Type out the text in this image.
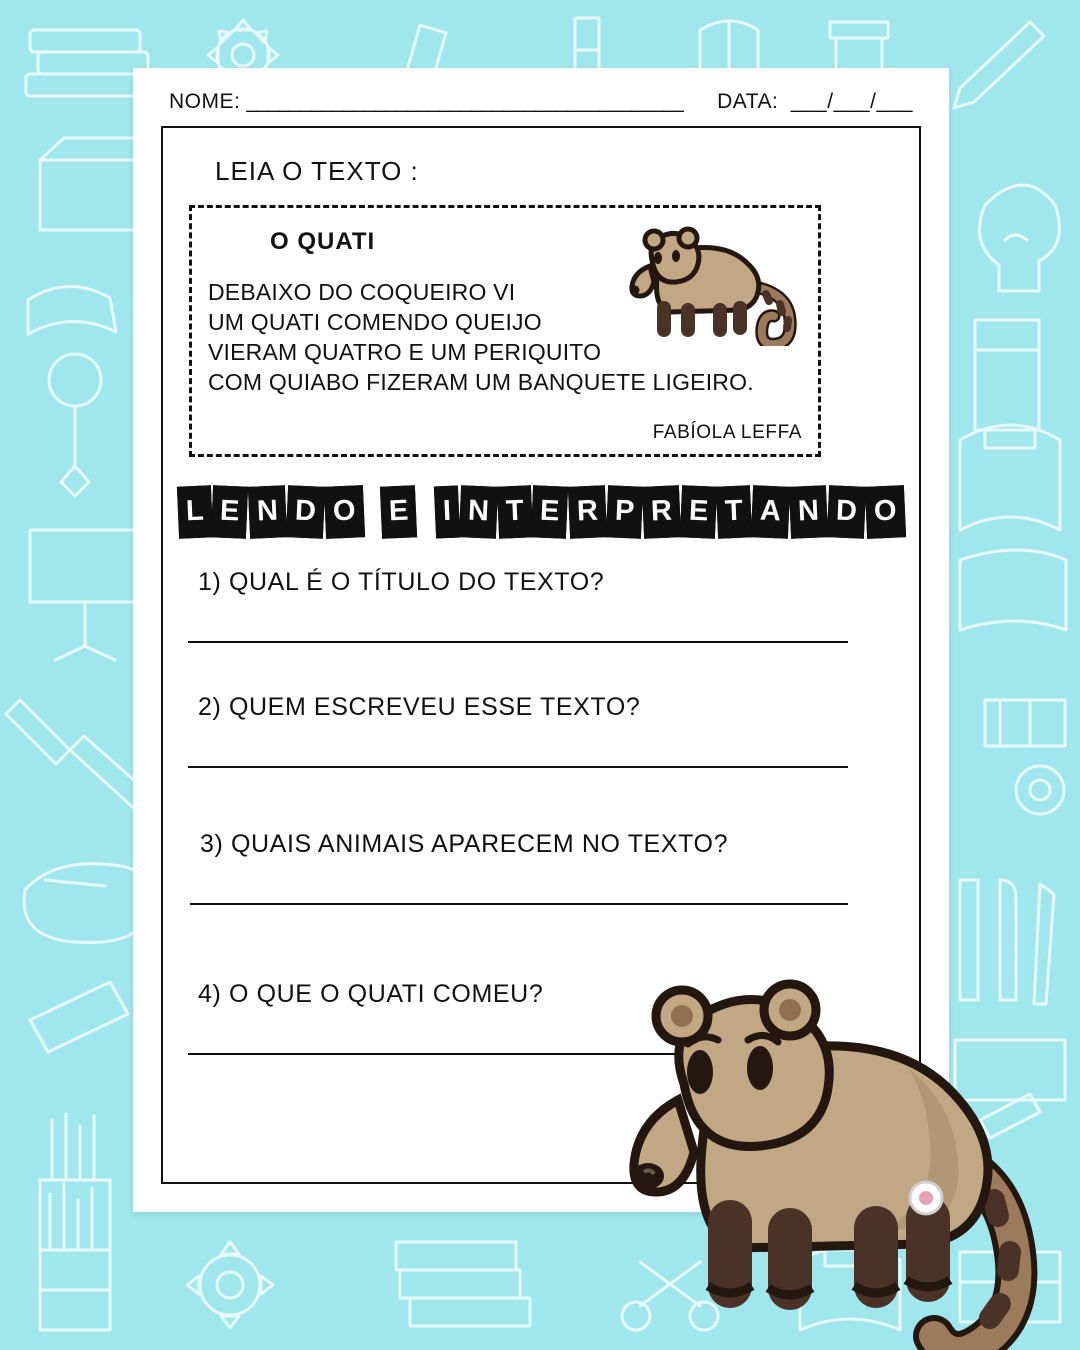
NOME: _________________________________________ DATA: ___/___/___
LEIA O TEXTO :
O QUATI
DEBAIXO DO COQUEIRO VI
UM QUATI COMENDO QUEIJO
VIERAM QUATRO E UM PERIQUITO
COM QUIABO FIZERAM UM BANQUETE LIGEIRO.
FABÍOLA LEFFA
L E N D O E I N T E R P R E T A N D O
1) QUAL É O TÍTULO DO TEXTO?
2) QUEM ESCREVEU ESSE TEXTO?
3) QUAIS ANIMAIS APARECEM NO TEXTO?
4) O QUE O QUATI COMEU?
